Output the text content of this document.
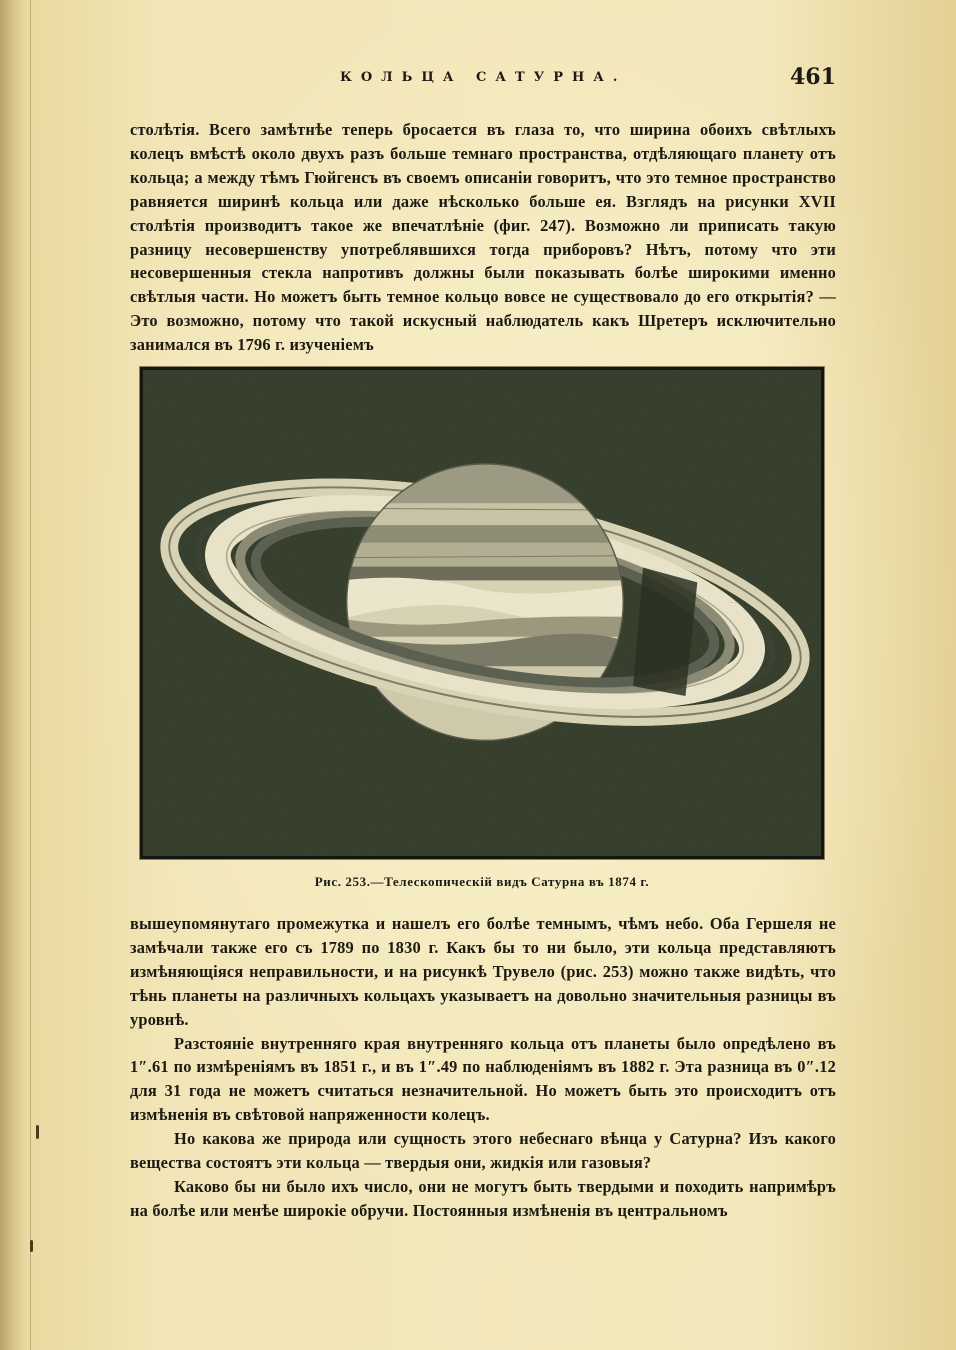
КОЛЬЦА САТУРНА.	461

столѣтія. Всего замѣтнѣе теперь бросается въ глаза то, что ширина обоихъ свѣтлыхъ колецъ вмѣстѣ около двухъ разъ больше темнаго пространства, отдѣляющаго планету отъ кольца; а между тѣмъ Гюйгенсъ въ своемъ описаніи говоритъ, что это темное пространство равняется ширинѣ кольца или даже нѣсколько больше ея. Взглядъ на рисунки XVII столѣтія производитъ такое же впечатлѣніе (фиг. 247). Возможно ли приписать такую разницу несовершенству употреблявшихся тогда приборовъ? Нѣтъ, потому что эти несовершенныя стекла напротивъ должны были показывать болѣе широкими именно свѣтлыя части. Но можетъ быть темное кольцо вовсе не существовало до его открытія? — Это возможно, потому что такой искусный наблюдатель какъ Шретеръ исключительно занимался въ 1796 г. изученіемъ

Рис. 253.—Телескопическій видъ Сатурна въ 1874 г.

вышеупомянутаго промежутка и нашелъ его болѣе темнымъ, чѣмъ небо. Оба Гершеля не замѣчали также его съ 1789 по 1830 г. Какъ бы то ни было, эти кольца представляютъ измѣняющіяся неправильности, и на рисункѣ Трувело (рис. 253) можно также видѣть, что тѣнь планеты на различныхъ кольцахъ указываетъ на довольно значительныя разницы въ уровнѣ.

Разстояніе внутренняго края внутренняго кольца отъ планеты было опредѣлено въ 1″.61 по измѣреніямъ въ 1851 г., и въ 1″.49 по наблюденіямъ въ 1882 г. Эта разница въ 0″.12 для 31 года не можетъ считаться незначительной. Но можетъ быть это происходитъ отъ измѣненія въ свѣтовой напряженности колецъ.

Но какова же природа или сущность этого небеснаго вѣнца у Сатурна? Изъ какого вещества состоятъ эти кольца — твердыя они, жидкія или газовыя?

Каково бы ни было ихъ число, они не могутъ быть твердыми и походить напримѣръ на болѣе или менѣе широкіе обручи. Постоянныя измѣненія въ центральномъ
